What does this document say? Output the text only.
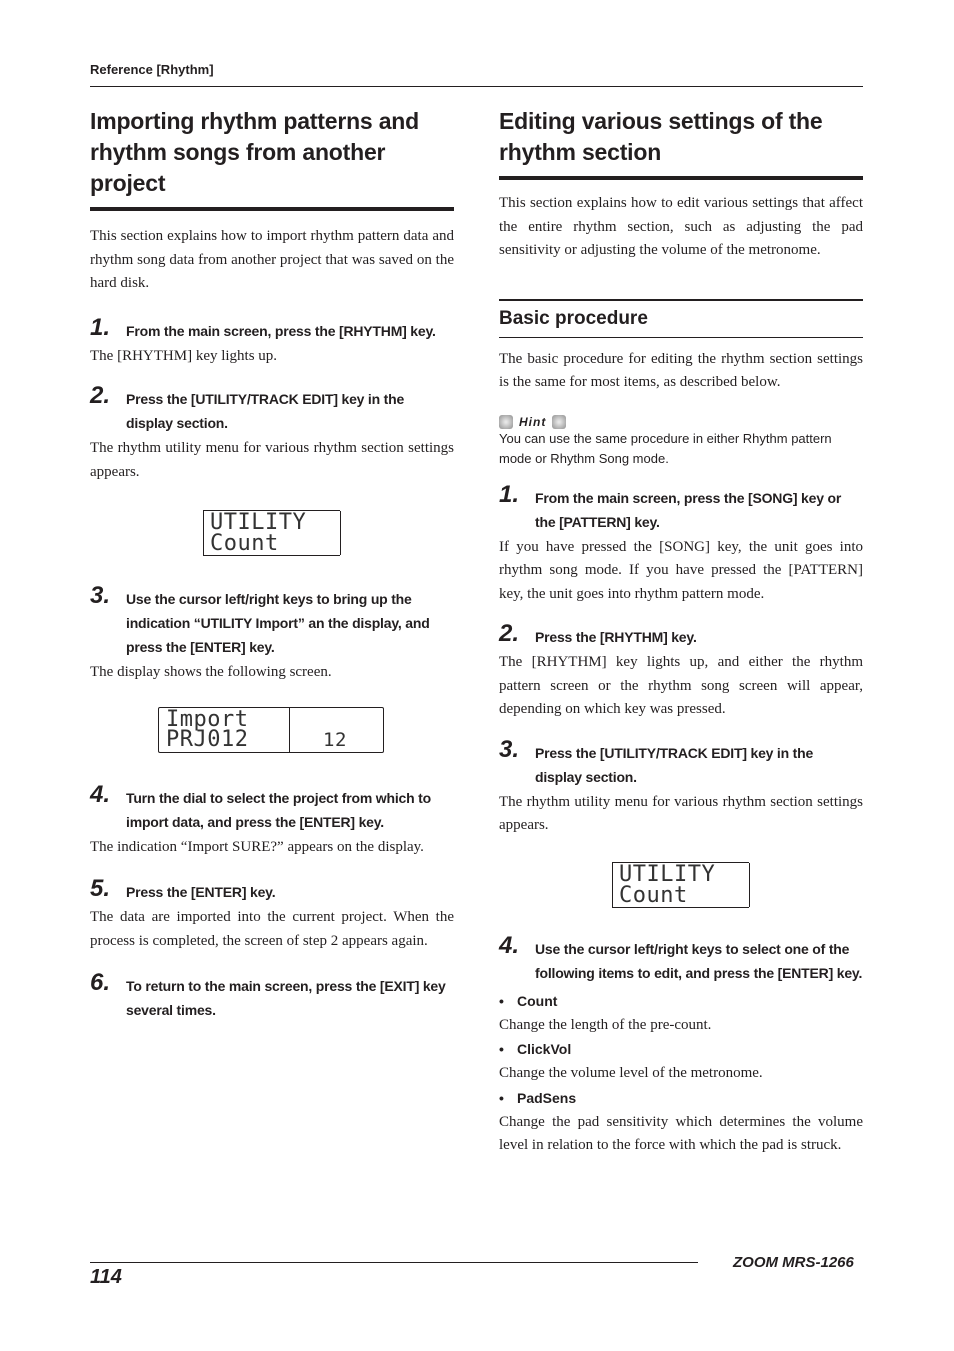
Reference [Rhythm]
Importing rhythm patterns and rhythm songs from another project

This section explains how to import rhythm pattern data and rhythm song data from another project that was saved on the hard disk.

1.	From the main screen, press the [RHYTHM] key.

The [RHYTHM] key lights up.

2.	Press the [UTILITY/TRACK EDIT] key in the display section.

The rhythm utility menu for various rhythm section settings appears.

UTILITY
Count
3.	Use the cursor left/right keys to bring up the indication “UTILITY Import” an the display, and press the [ENTER] key.

The display shows the following screen.

Import
PRJ012	12
4.	Turn the dial to select the project from which to import data, and press the [ENTER] key.

The indication “Import SURE?” appears on the display.

5.	Press the [ENTER] key.

The data are imported into the current project. When the process is completed, the screen of step 2 appears again.

6.	To return to the main screen, press the [EXIT] key several times.
Editing various settings of the rhythm section

This section explains how to edit various settings that affect the entire rhythm section, such as adjusting the pad sensitivity or adjusting the volume of the metronome.

Basic procedure

The basic procedure for editing the rhythm section settings is the same for most items, as described below.

Hint

You can use the same procedure in either Rhythm pattern mode or Rhythm Song mode.

1.	From the main screen, press the [SONG] key or the [PATTERN] key.

If you have pressed the [SONG] key, the unit goes into rhythm song mode. If you have pressed the [PATTERN] key, the unit goes into rhythm pattern mode.

2.	Press the [RHYTHM] key.

The [RHYTHM] key lights up, and either the rhythm pattern screen or the rhythm song screen will appear, depending on which key was pressed.

3.	Press the [UTILITY/TRACK EDIT] key in the display section.

The rhythm utility menu for various rhythm section settings appears.

UTILITY
Count
4.	Use the cursor left/right keys to select one of the following items to edit, and press the [ENTER] key.
• Count

Change the length of the pre-count.

• ClickVol

Change the volume level of the metronome.

• PadSens

Change the pad sensitivity which determines the volume level in relation to the force with which the pad is struck.

114
ZOOM MRS-1266
